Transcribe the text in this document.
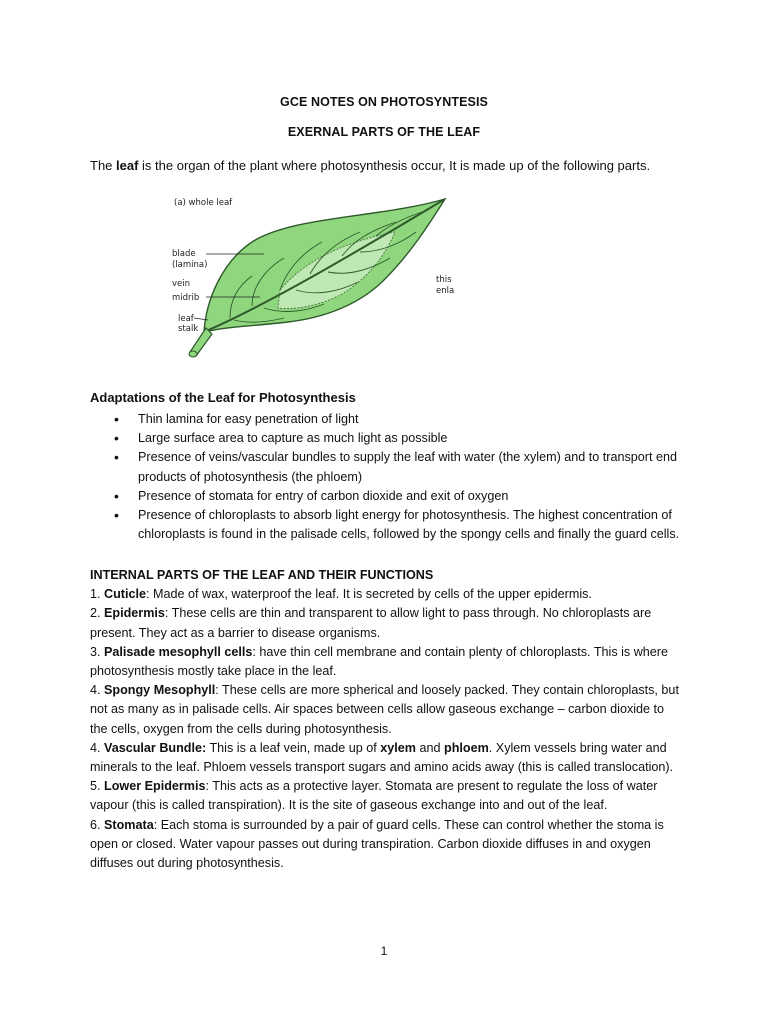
GCE NOTES ON PHOTOSYNTESIS
EXERNAL PARTS OF THE LEAF
The leaf is the organ of the plant where photosynthesis occur, It is made up of the following parts.
(a) whole leaf
blade
(lamina)
vein
midrib
leaf
stalk
this
enla
Adaptations of the Leaf for Photosynthesis
• Thin lamina for easy penetration of light
• Large surface area to capture as much light as possible
• Presence of veins/vascular bundles to supply the leaf with water (the xylem) and to transport end products of photosynthesis (the phloem)
• Presence of stomata for entry of carbon dioxide and exit of oxygen
• Presence of chloroplasts to absorb light energy for photosynthesis. The highest concentration of chloroplasts is found in the palisade cells, followed by the spongy cells and finally the guard cells.

INTERNAL PARTS OF THE LEAF AND THEIR FUNCTIONS

1. Cuticle: Made of wax, waterproof the leaf. It is secreted by cells of the upper epidermis.

2. Epidermis: These cells are thin and transparent to allow light to pass through. No chloroplasts are present. They act as a barrier to disease organisms.

3. Palisade mesophyll cells: have thin cell membrane and contain plenty of chloroplasts. This is where photosynthesis mostly take place in the leaf.

4. Spongy Mesophyll: These cells are more spherical and loosely packed. They contain chloroplasts, but not as many as in palisade cells. Air spaces between cells allow gaseous exchange – carbon dioxide to the cells, oxygen from the cells during photosynthesis.

4. Vascular Bundle: This is a leaf vein, made up of xylem and phloem. Xylem vessels bring water and minerals to the leaf. Phloem vessels transport sugars and amino acids away (this is called translocation).

5. Lower Epidermis: This acts as a protective layer. Stomata are present to regulate the loss of water vapour (this is called transpiration). It is the site of gaseous exchange into and out of the leaf.

6. Stomata: Each stoma is surrounded by a pair of guard cells. These can control whether the stoma is open or closed. Water vapour passes out during transpiration. Carbon dioxide diffuses in and oxygen diffuses out during photosynthesis.

1
